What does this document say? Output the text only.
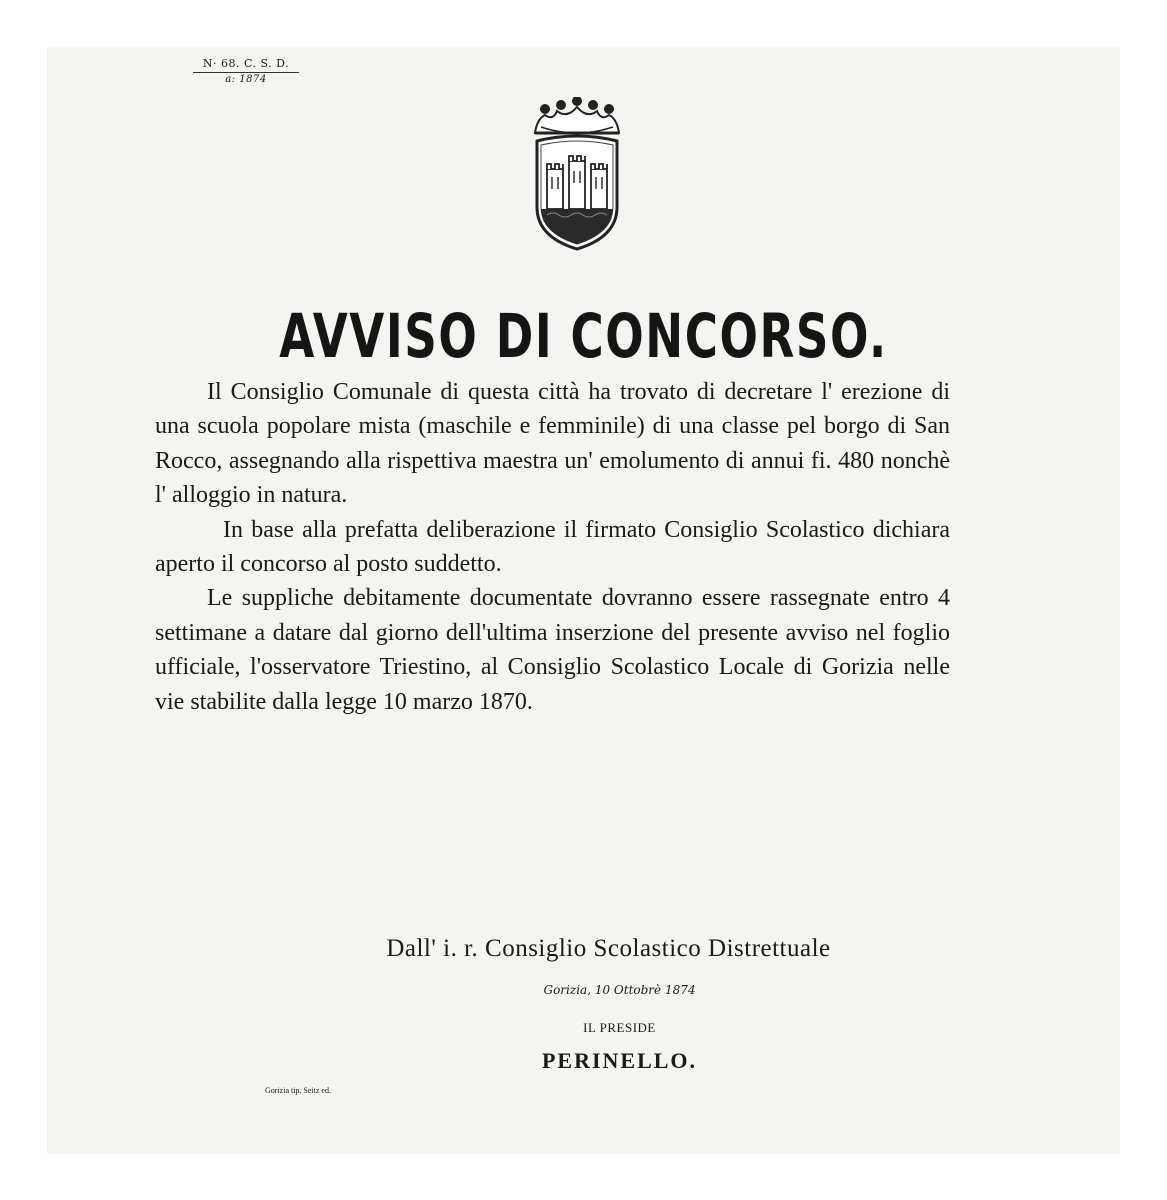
N· 68. C. S. D.
a: 1874
AVVISO DI CONCORSO.

Il Consiglio Comunale di questa città ha trovato di decretare l' erezione di una scuola popolare mista (maschile e femminile) di una classe pel borgo di San Rocco, assegnando alla rispettiva maestra un' emolumento di annui fi. 480 nonchè l' alloggio in natura.

In base alla prefatta deliberazione il firmato Consiglio Scolastico dichiara aperto il concorso al posto suddetto.

Le suppliche debitamente documentate dovranno essere rassegnate entro 4 settimane a datare dal giorno dell'ultima inserzione del presente avviso nel foglio ufficiale, l'osservatore Triestino, al Consiglio Scolastico Locale di Gorizia nelle vie stabilite dalla legge 10 marzo 1870.

Dall' i. r. Consiglio Scolastico Distrettuale
Gorizia, 10 Ottobrè 1874
IL PRESIDE
PERINELLO.
Gorizia tip. Seitz ed.
